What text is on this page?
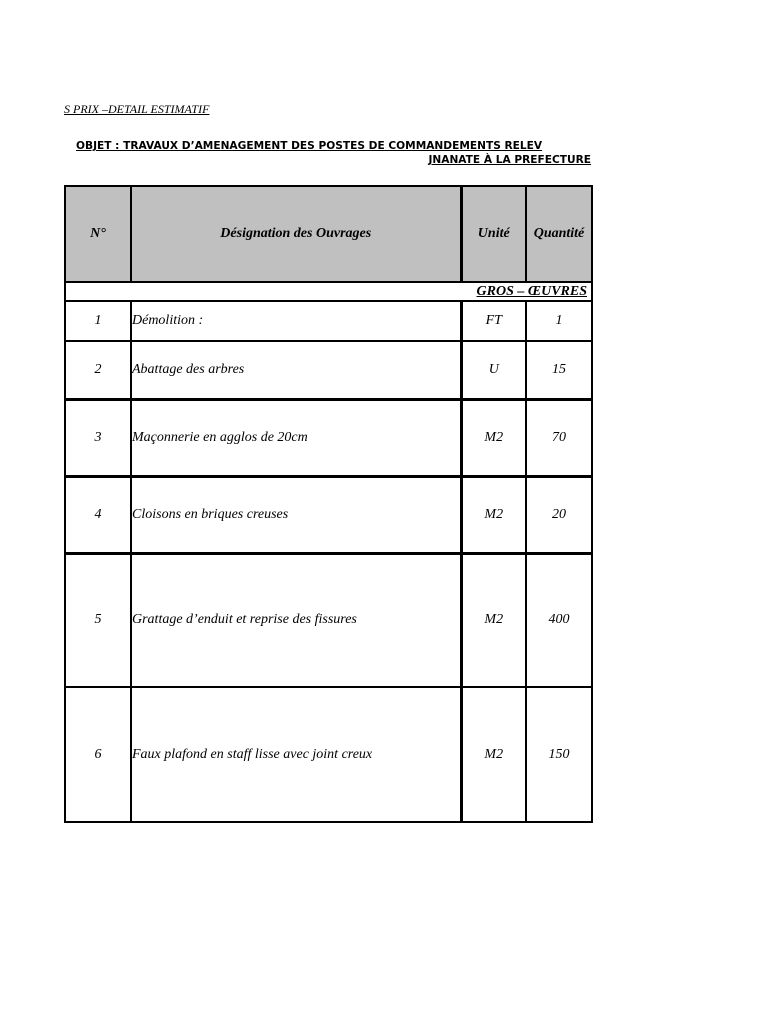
S PRIX –DETAIL ESTIMATIF
OBJET : TRAVAUX D’AMENAGEMENT DES POSTES DE COMMANDEMENTS RELEV
JNANATE À LA PREFECTURE
N°	Désignation des Ouvrages	Unité	Quantité
GROS – ŒUVRES			
1	Démolition :	FT	1
2	Abattage des arbres	U	15
3	Maçonnerie en agglos de 20cm	M2	70
4	Cloisons en briques creuses	M2	20
5	Grattage d’enduit et reprise des fissures	M2	400
6	Faux plafond en staff lisse avec joint creux	M2	150
